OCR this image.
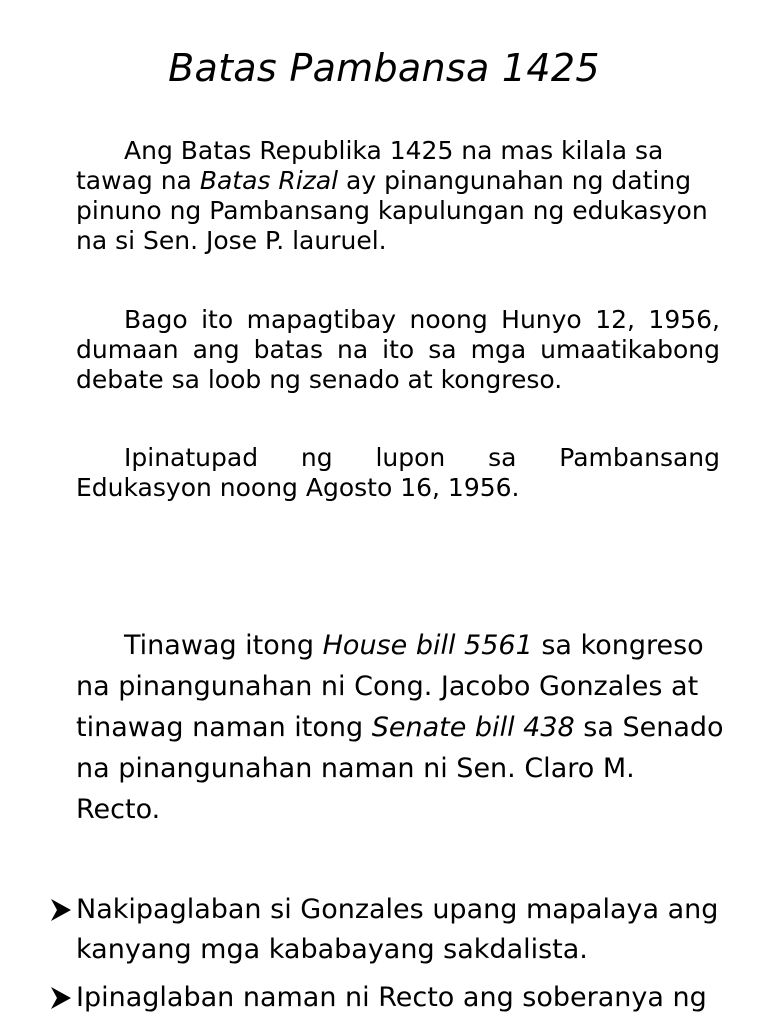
Batas Pambansa 1425

Ang Batas Republika 1425 na mas kilala sa tawag na Batas Rizal ay pinangunahan ng dating pinuno ng Pambansang kapulungan ng edukasyon na si Sen. Jose P. lauruel.

Bago ito mapagtibay noong Hunyo 12, 1956, dumaan ang batas na ito sa mga umaatikabong debate sa loob ng senado at kongreso.

Ipinatupad ng lupon sa Pambansang Edukasyon noong Agosto 16, 1956.

Tinawag itong House bill 5561 sa kongreso na pinangunahan ni Cong. Jacobo Gonzales at tinawag naman itong Senate bill 438 sa Senado na pinangunahan naman ni Sen. Claro M. Recto.

Nakipaglaban si Gonzales upang mapalaya ang kanyang mga kababayang sakdalista.
Ipinaglaban naman ni Recto ang soberanya ng
